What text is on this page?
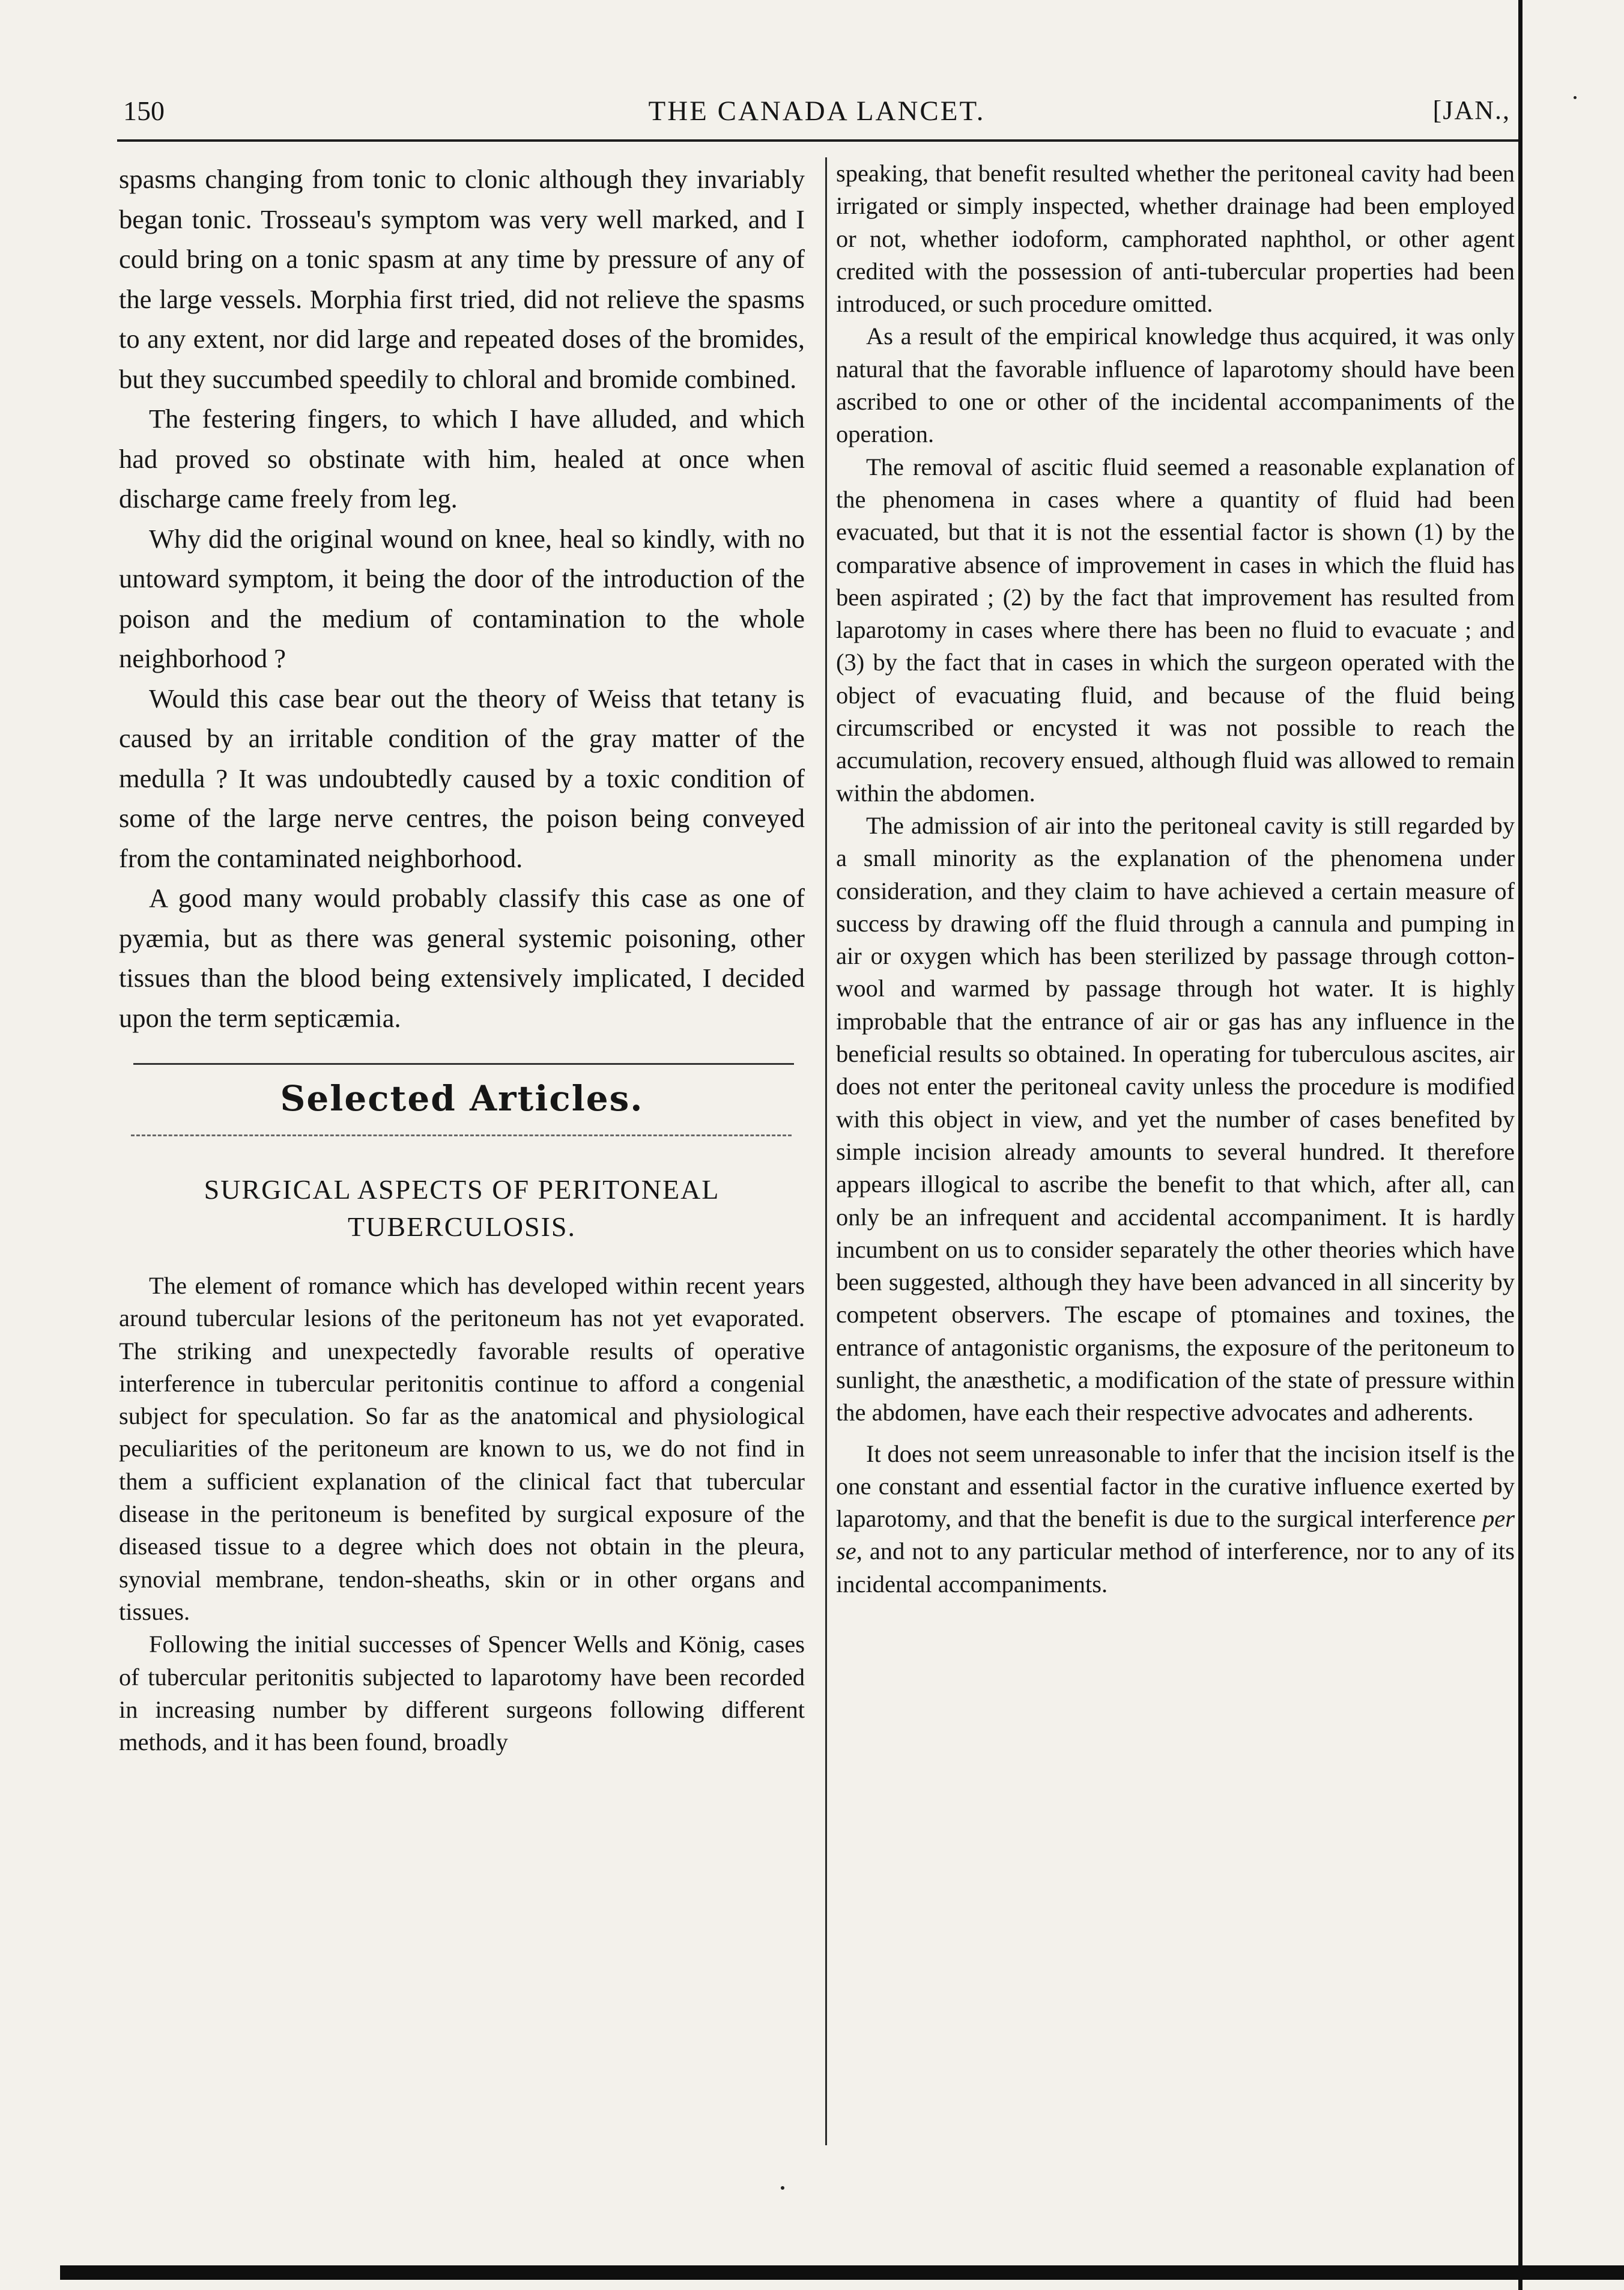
150	THE CANADA LANCET.	[JAN.,

spasms changing from tonic to clonic although they invariably began tonic. Trosseau's symptom was very well marked, and I could bring on a tonic spasm at any time by pressure of any of the large vessels. Morphia first tried, did not relieve the spasms to any extent, nor did large and repeated doses of the bromides, but they succumbed speedily to chloral and bromide combined.

The festering fingers, to which I have alluded, and which had proved so obstinate with him, healed at once when discharge came freely from leg.

Why did the original wound on knee, heal so kindly, with no untoward symptom, it being the door of the introduction of the poison and the medium of contamination to the whole neighborhood ?

Would this case bear out the theory of Weiss that tetany is caused by an irritable condition of the gray matter of the medulla ? It was undoubtedly caused by a toxic condition of some of the large nerve centres, the poison being conveyed from the contaminated neighborhood.

A good many would probably classify this case as one of pyæmia, but as there was general systemic poisoning, other tissues than the blood being extensively implicated, I decided upon the term septicæmia.

Selected Articles.
SURGICAL ASPECTS OF PERITONEAL TUBERCULOSIS.

The element of romance which has developed within recent years around tubercular lesions of the peritoneum has not yet evaporated. The striking and unexpectedly favorable results of operative interference in tubercular peritonitis continue to afford a congenial subject for speculation. So far as the anatomical and physiological peculiarities of the peritoneum are known to us, we do not find in them a sufficient explanation of the clinical fact that tubercular disease in the peritoneum is benefited by surgical exposure of the diseased tissue to a degree which does not obtain in the pleura, synovial membrane, tendon-sheaths, skin or in other organs and tissues.

Following the initial successes of Spencer Wells and König, cases of tubercular peritonitis subjected to laparotomy have been recorded in increasing number by different surgeons following different methods, and it has been found, broadly

speaking, that benefit resulted whether the peritoneal cavity had been irrigated or simply inspected, whether drainage had been employed or not, whether iodoform, camphorated naphthol, or other agent credited with the possession of anti-tubercular properties had been introduced, or such procedure omitted.

As a result of the empirical knowledge thus acquired, it was only natural that the favorable influence of laparotomy should have been ascribed to one or other of the incidental accompaniments of the operation.

The removal of ascitic fluid seemed a reasonable explanation of the phenomena in cases where a quantity of fluid had been evacuated, but that it is not the essential factor is shown (1) by the comparative absence of improvement in cases in which the fluid has been aspirated ; (2) by the fact that improvement has resulted from laparotomy in cases where there has been no fluid to evacuate ; and (3) by the fact that in cases in which the surgeon operated with the object of evacuating fluid, and because of the fluid being circumscribed or encysted it was not possible to reach the accumulation, recovery ensued, although fluid was allowed to remain within the abdomen.

The admission of air into the peritoneal cavity is still regarded by a small minority as the explanation of the phenomena under consideration, and they claim to have achieved a certain measure of success by drawing off the fluid through a cannula and pumping in air or oxygen which has been sterilized by passage through cotton-wool and warmed by passage through hot water. It is highly improbable that the entrance of air or gas has any influence in the beneficial results so obtained. In operating for tuberculous ascites, air does not enter the peritoneal cavity unless the procedure is modified with this object in view, and yet the number of cases benefited by simple incision already amounts to several hundred. It therefore appears illogical to ascribe the benefit to that which, after all, can only be an infrequent and accidental accompaniment. It is hardly incumbent on us to consider separately the other theories which have been suggested, although they have been advanced in all sincerity by competent observers. The escape of ptomaines and toxines, the entrance of antagonistic organisms, the exposure of the peritoneum to sunlight, the anæsthetic, a modification of the state of pressure within the abdomen, have each their respective advocates and adherents.

It does not seem unreasonable to infer that the incision itself is the one constant and essential factor in the curative influence exerted by laparotomy, and that the benefit is due to the surgical interference per se, and not to any particular method of interference, nor to any of its incidental accompaniments.
